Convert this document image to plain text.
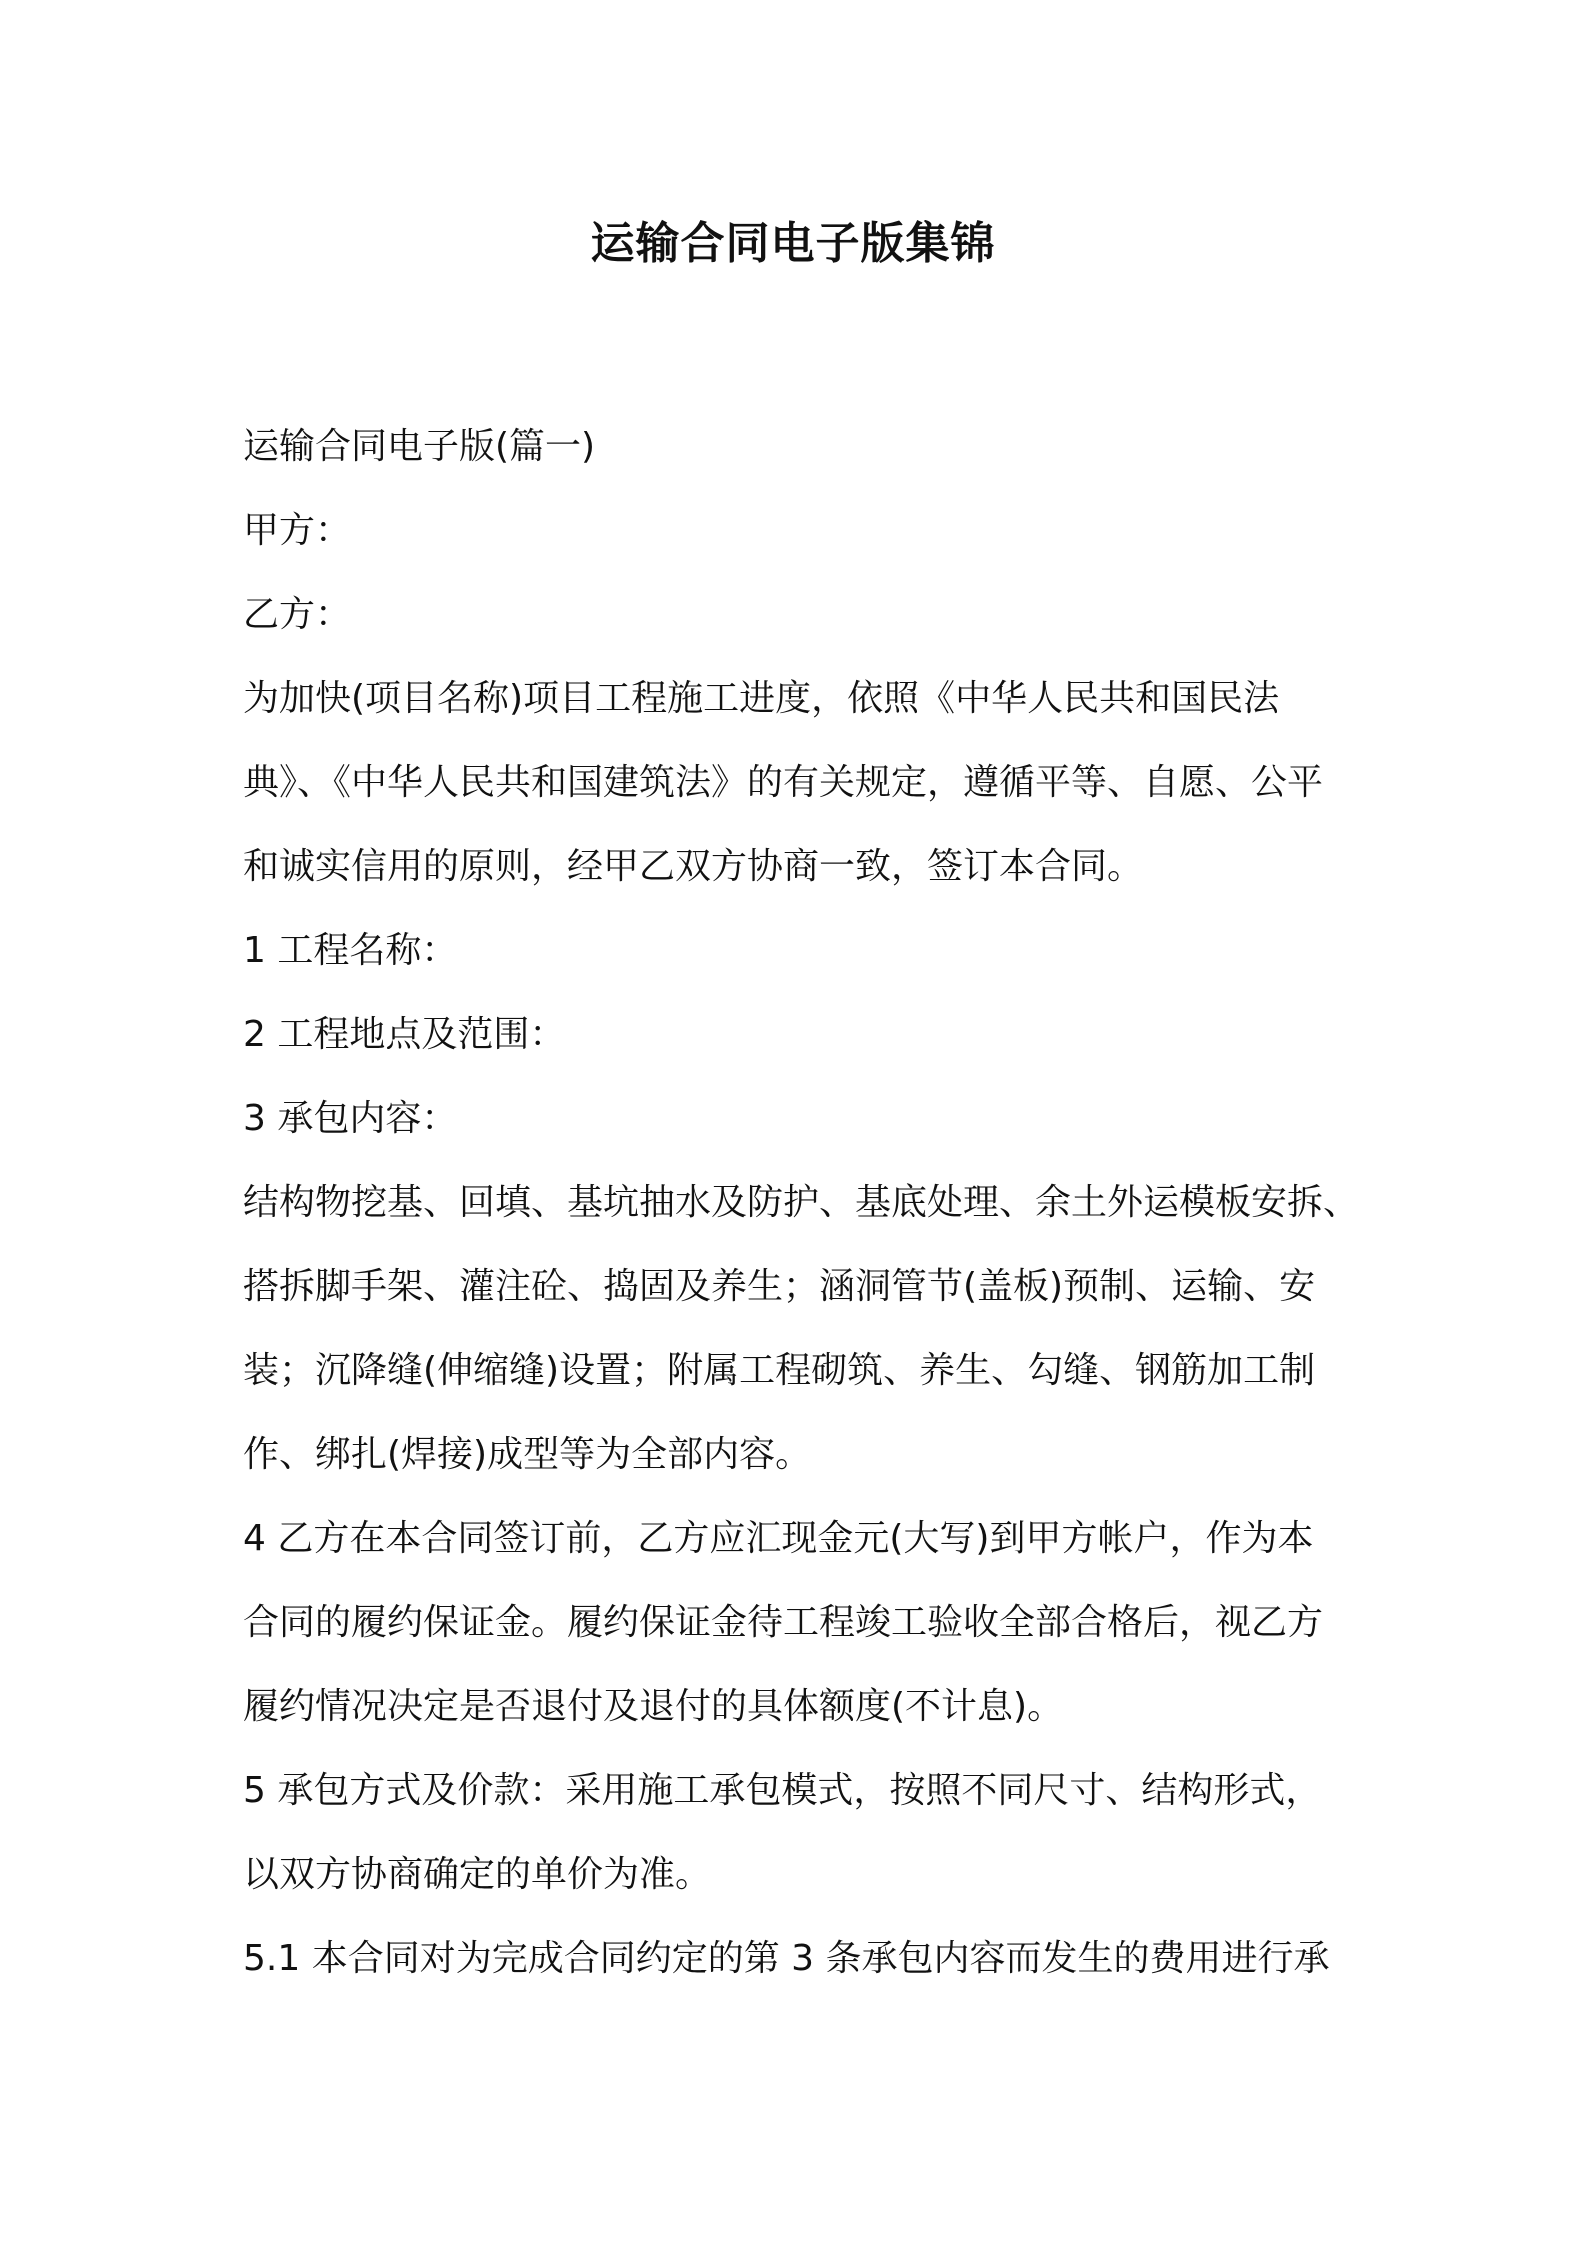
运输合同电子版集锦

运输合同电子版(篇一)

甲方：

乙方：

为加快(项目名称)项目工程施工进度，依照《中华人民共和国民法

典》、《中华人民共和国建筑法》的有关规定，遵循平等、自愿、公平

和诚实信用的原则，经甲乙双方协商一致，签订本合同。

1 工程名称：

2 工程地点及范围：

3 承包内容：

结构物挖基、回填、基坑抽水及防护、基底处理、余土外运模板安拆、

搭拆脚手架、灌注砼、捣固及养生；涵洞管节(盖板)预制、运输、安

装；沉降缝(伸缩缝)设置；附属工程砌筑、养生、勾缝、钢筋加工制

作、绑扎(焊接)成型等为全部内容。

4 乙方在本合同签订前，乙方应汇现金元(大写)到甲方帐户，作为本

合同的履约保证金。履约保证金待工程竣工验收全部合格后，视乙方

履约情况决定是否退付及退付的具体额度(不计息)。

5 承包方式及价款：采用施工承包模式，按照不同尺寸、结构形式，

以双方协商确定的单价为准。

5.1 本合同对为完成合同约定的第 3 条承包内容而发生的费用进行承
